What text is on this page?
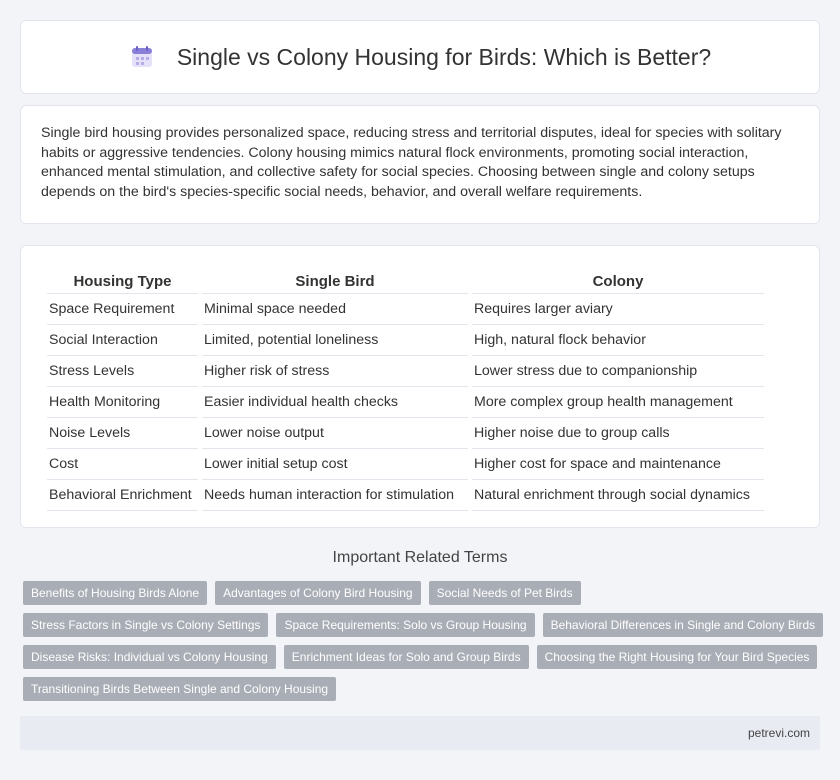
Single vs Colony Housing for Birds: Which is Better?

Single bird housing provides personalized space, reducing stress and territorial disputes, ideal for species with solitary habits or aggressive tendencies. Colony housing mimics natural flock environments, promoting social interaction, enhanced mental stimulation, and collective safety for social species. Choosing between single and colony setups depends on the bird's species-specific social needs, behavior, and overall welfare requirements.

Housing Type	Single Bird	Colony
Space Requirement	Minimal space needed	Requires larger aviary
Social Interaction	Limited, potential loneliness	High, natural flock behavior
Stress Levels	Higher risk of stress	Lower stress due to companionship
Health Monitoring	Easier individual health checks	More complex group health management
Noise Levels	Lower noise output	Higher noise due to group calls
Cost	Lower initial setup cost	Higher cost for space and maintenance
Behavioral Enrichment	Needs human interaction for stimulation	Natural enrichment through social dynamics
Important Related Terms
Benefits of Housing Birds Alone	Advantages of Colony Bird Housing	Social Needs of Pet Birds
Stress Factors in Single vs Colony Settings	Space Requirements: Solo vs Group Housing	Behavioral Differences in Single and Colony Birds
Disease Risks: Individual vs Colony Housing	Enrichment Ideas for Solo and Group Birds	Choosing the Right Housing for Your Bird Species
Transitioning Birds Between Single and Colony Housing
petrevi.com
